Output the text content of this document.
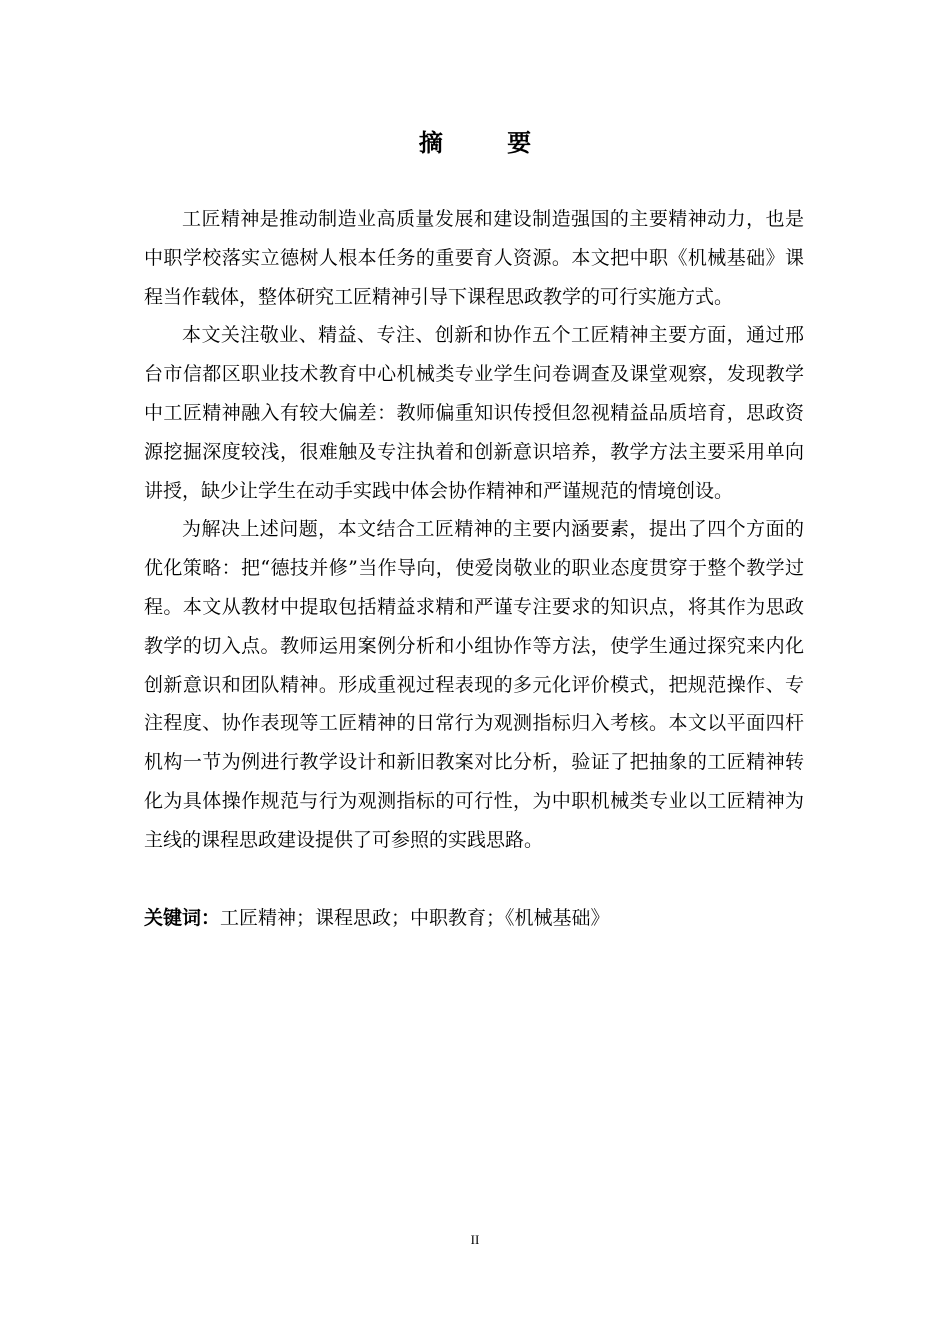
摘 要

工匠精神是推动制造业高质量发展和建设制造强国的主要精神动力，也是中职学校落实立德树人根本任务的重要育人资源。本文把中职《机械基础》课程当作载体，整体研究工匠精神引导下课程思政教学的可行实施方式。

本文关注敬业、精益、专注、创新和协作五个工匠精神主要方面，通过邢台市信都区职业技术教育中心机械类专业学生问卷调查及课堂观察，发现教学中工匠精神融入有较大偏差：教师偏重知识传授但忽视精益品质培育，思政资源挖掘深度较浅，很难触及专注执着和创新意识培养，教学方法主要采用单向讲授，缺少让学生在动手实践中体会协作精神和严谨规范的情境创设。

为解决上述问题，本文结合工匠精神的主要内涵要素，提出了四个方面的优化策略：把“德技并修”当作导向，使爱岗敬业的职业态度贯穿于整个教学过程。本文从教材中提取包括精益求精和严谨专注要求的知识点，将其作为思政教学的切入点。教师运用案例分析和小组协作等方法，使学生通过探究来内化创新意识和团队精神。形成重视过程表现的多元化评价模式，把规范操作、专注程度、协作表现等工匠精神的日常行为观测指标归入考核。本文以平面四杆机构一节为例进行教学设计和新旧教案对比分析，验证了把抽象的工匠精神转化为具体操作规范与行为观测指标的可行性，为中职机械类专业以工匠精神为主线的课程思政建设提供了可参照的实践思路。

关键词：工匠精神；课程思政；中职教育；《机械基础》
II
